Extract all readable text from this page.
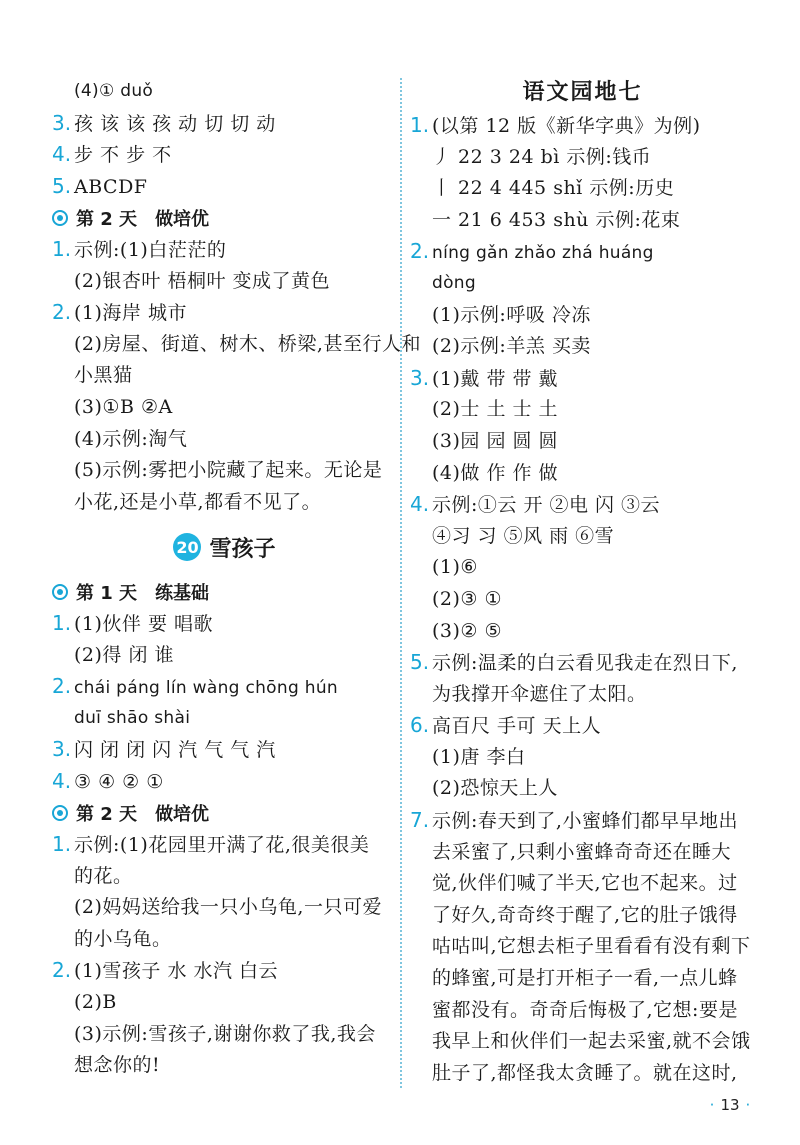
(4)① duǒ
3. 孩 该 该 孩 动 切 切 动
4. 步 不 步 不
5. ABCDF
第 2 天 做培优
1. 示例:(1)白茫茫的
(2)银杏叶 梧桐叶 变成了黄色
2. (1)海岸 城市
(2)房屋、街道、树木、桥梁,甚至行人和
小黑猫
(3)①B ②A
(4)示例:淘气
(5)示例:雾把小院藏了起来。无论是
小花,还是小草,都看不见了。
20 雪孩子
第 1 天 练基础
1. (1)伙伴 要 唱歌
(2)得 闭 谁
2. chái páng lín wàng chōng hún
duī shāo shài
3. 闪 闭 闭 闪 汽 气 气 汽
4. ③ ④ ② ①
第 2 天 做培优
1. 示例:(1)花园里开满了花,很美很美
的花。
(2)妈妈送给我一只小乌龟,一只可爱
的小乌龟。
2. (1)雪孩子 水 水汽 白云
(2)B
(3)示例:雪孩子,谢谢你救了我,我会
想念你的!
语文园地七
1. (以第 12 版《新华字典》为例)
丿 22 3 24 bì 示例:钱币
丨 22 4 445 shǐ 示例:历史
一 21 6 453 shù 示例:花束
2. níng gǎn zhǎo zhá huáng
dòng
(1)示例:呼吸 冷冻
(2)示例:羊羔 买卖
3. (1)戴 带 带 戴
(2)士 土 士 土
(3)园 园 圆 圆
(4)做 作 作 做
4. 示例:①云 开 ②电 闪 ③云
④习 习 ⑤风 雨 ⑥雪
(1)⑥
(2)③ ①
(3)② ⑤
5. 示例:温柔的白云看见我走在烈日下,
为我撑开伞遮住了太阳。
6. 高百尺 手可 天上人
(1)唐 李白
(2)恐惊天上人
7. 示例:春天到了,小蜜蜂们都早早地出
去采蜜了,只剩小蜜蜂奇奇还在睡大
觉,伙伴们喊了半天,它也不起来。过
了好久,奇奇终于醒了,它的肚子饿得
咕咕叫,它想去柜子里看看有没有剩下
的蜂蜜,可是打开柜子一看,一点儿蜂
蜜都没有。奇奇后悔极了,它想:要是
我早上和伙伴们一起去采蜜,就不会饿
肚子了,都怪我太贪睡了。就在这时,
· 13 ·
